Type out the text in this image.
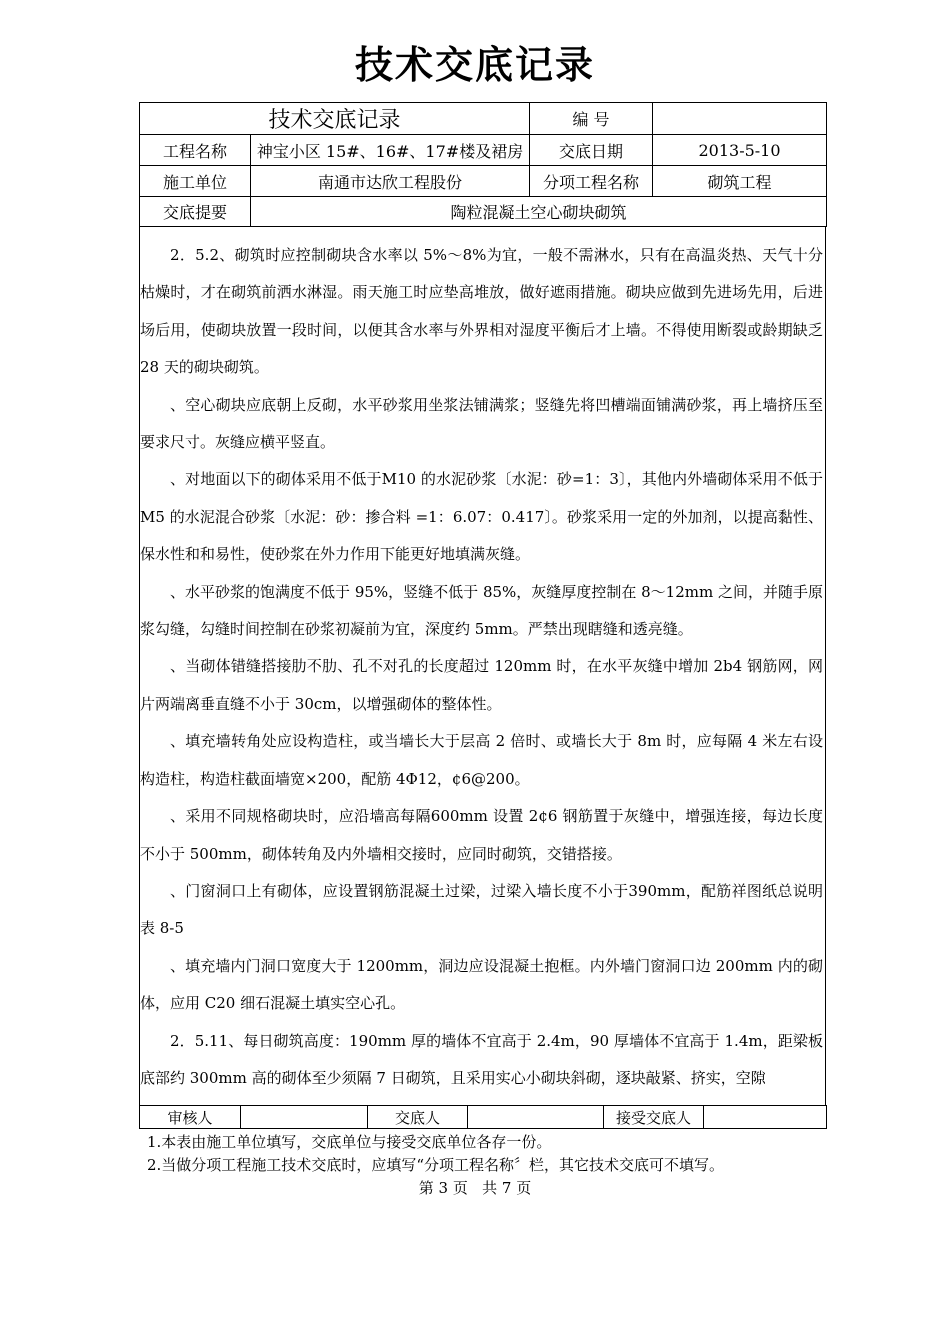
技术交底记录
技术交底记录		编 号	
工程名称	神宝小区 15#、16#、17#楼及裙房	交底日期	2013-5-10
施工单位	南通市达欣工程股份	分项工程名称	砌筑工程
交底提要	陶粒混凝土空心砌块砌筑		

2．5.2、砌筑时应控制砌块含水率以 5%～8%为宜，一般不需淋水，只有在高温炎热、天气十分枯燥时，才在砌筑前洒水淋湿。雨天施工时应垫高堆放，做好遮雨措施。砌块应做到先进场先用，后进场后用，使砌块放置一段时间，以便其含水率与外界相对湿度平衡后才上墙。不得使用断裂或龄期缺乏 28 天的砌块砌筑。

、空心砌块应底朝上反砌，水平砂浆用坐浆法铺满浆；竖缝先将凹槽端面铺满砂浆，再上墙挤压至要求尺寸。灰缝应横平竖直。

、对地面以下的砌体采用不低于M10 的水泥砂浆〔水泥：砂=1：3〕，其他内外墙砌体采用不低于 M5 的水泥混合砂浆〔水泥：砂：掺合料 =1：6.07：0.417〕。砂浆采用一定的外加剂，以提高黏性、保水性和和易性，使砂浆在外力作用下能更好地填满灰缝。

、水平砂浆的饱满度不低于 95%，竖缝不低于 85%，灰缝厚度控制在 8～12mm 之间，并随手原浆勾缝，勾缝时间控制在砂浆初凝前为宜，深度约 5mm。严禁出现瞎缝和透亮缝。

、当砌体错缝搭接肋不肋、孔不对孔的长度超过 120mm 时，在水平灰缝中增加 2b4 钢筋网，网片两端离垂直缝不小于 30cm，以增强砌体的整体性。

、填充墙转角处应设构造柱，或当墙长大于层高 2 倍时、或墙长大于 8m 时，应每隔 4 米左右设构造柱，构造柱截面墙宽×200，配筋 4Φ12，¢6@200。

、采用不同规格砌块时，应沿墙高每隔600mm 设置 2¢6 钢筋置于灰缝中，增强连接，每边长度不小于 500mm，砌体转角及内外墙相交接时，应同时砌筑，交错搭接。

、门窗洞口上有砌体，应设置钢筋混凝土过梁，过梁入墙长度不小于390mm，配筋祥图纸总说明表 8-5

、填充墙内门洞口宽度大于 1200mm，洞边应设混凝土抱框。内外墙门窗洞口边 200mm 内的砌体，应用 C20 细石混凝土填实空心孔。

2．5.11、每日砌筑高度：190mm 厚的墙体不宜高于 2.4m，90 厚墙体不宜高于 1.4m，距梁板底部约 300mm 高的砌体至少须隔 7 日砌筑，且采用实心小砌块斜砌，逐块敲紧、挤实，空隙

审核人		交底人		接受交底人	
1.本表由施工单位填写，交底单位与接受交底单位各存一份。
2.当做分项工程施工技术交底时，应填写“分项工程名称〞栏，其它技术交底可不填写。
第 3 页   共 7 页
